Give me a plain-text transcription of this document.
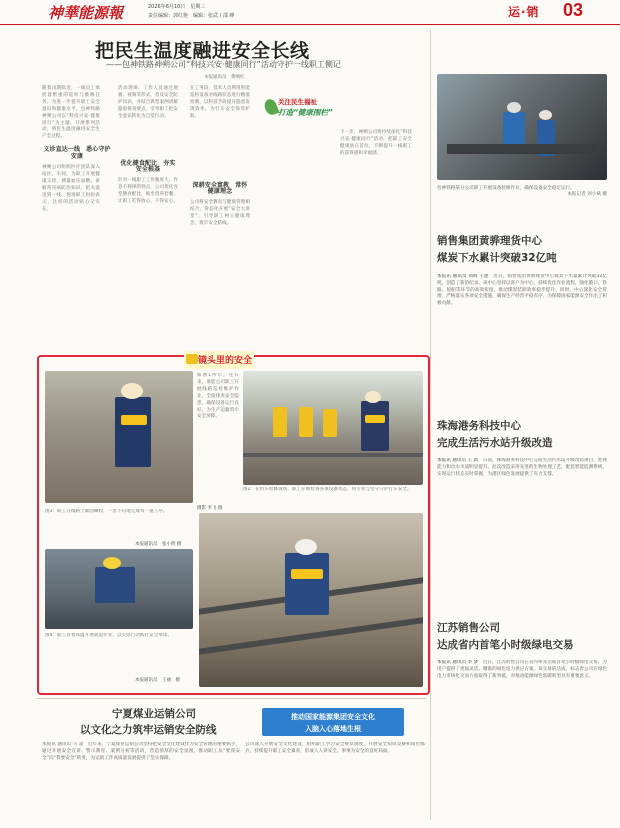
神華能源報	2026年6月10日　星期三
责任编辑：郭红艳　编辑：张武 / 邵 峰	运·销 03
把民生温度融进安全长线
——包神铁路神朔公司“科技兴安·健康同行”活动守护一线职工侧记
本报通讯员　黄响红
随着汛期临近，一线员工承担着繁重的巡检与维修任务。为进一步提升职工安全意识和健康水平，包神铁路神朔公司以“科技兴安·健康同行”为主题，开展系列活动，将民生温度融进安全生产全过程。
义诊直达一线　悉心守护安康
神朔公司组织医疗团队深入站区、车间，为职工开展健康义诊，测量血压血糖、讲解常见病防治知识，把关爱送到一线。现场职工纷纷表示，这样的活动贴心又实在。
活动现场，工作人员通过展板、视频等形式，普及安全防护知识，并结合典型案例讲解隐患排查要点，引导职工把安全意识转化为自觉行动。
优化健食配比　夯实安全根基
针对一线职工工作强度大、作息不规律的特点，公司优化食堂膳食配比，推出营养套餐，让职工吃得放心、干得安心。
在工务段，技术人员利用智能巡检设备对线路状态进行精准检测，以科技手段提升隐患发现效率，为行车安全保驾护航。
深耕安全富教　常怀健康理念
公司将安全教育与健康管理相结合，常态化开展“安全大讲堂”，引导职工树立健康理念，筑牢安全防线。
下一步，神朔公司将持续深化“科技兴安·健康同行”活动，把职工安全健康放在首位，不断提升一线职工的获得感和幸福感。
关注民生福祉
打造“健康围栏”
包神铁路某分公司职工开展设备检修作业，确保设备安全稳定运行。
本报记者 刘小斌 摄
销售集团黄骅理货中心
煤炭下水累计突破32亿吨
本报讯 通讯员 刘海 王建　 近日，销售集团黄骅理货中心煤炭下水量累计突破32亿吨，创造了新的纪录。该中心坚持以客户为中心，持续优化作业流程，强化港口、铁路、船舶等环节的高效衔接，推动煤炭装卸效率稳步提升。同时，中心深化安全管理，严格落实各项安全措施，确保生产经营平稳有序，为保障国家能源安全作出了积极贡献。
珠海港务科技中心
完成生活污水站升级改造
本报讯 通讯员 王 新　 日前，珠海港务科技中心完成生活污水站升级改造项目，处理能力和出水水质明显提升。此次改造采用先进的生物处理工艺，配套智能监测系统，实现运行状态实时掌握，为港区绿色发展提供了有力支撑。
江苏销售公司
达成省内首笔小时级绿电交易
本报讯 通讯员 李 梦　 近日，江苏销售公司在省内率先达成首笔小时级绿电交易，为用户提供了更加灵活、精准的绿色电力供应方案。该交易的达成，标志着公司在绿色电力市场化交易方面取得了新突破，对推动能源绿色低碳转型具有重要意义。
镜头里的安全
如图1所示，连日来，准能公司职工开展线路巡检维护作业，全面排查安全隐患，确保设备运行良好，为生产运输筑牢安全屏障。
摄影 李飞 摄
图2：在机车检修现场，职工仔细检查各项设备状态，用专业与坚守守护行车安全。
图3：职工在线路上紧固螺栓，一丝不苟地完成每一道工序。
本报通讯员　张小明 摄
图4：职工冒着高温开展轨道作业，以实际行动践行安全承诺。
本报通讯员　王丽　摄
宁夏煤业运销公司
以文化之力筑牢运销安全防线
本报讯 通讯员 马 超　近年来，宁夏煤业运销公司坚持把安全文化建设作为安全管理的重要抓手，通过开展安全宣讲、警示教育、案例分析等活动，营造浓厚的安全氛围，推动职工从“要我安全”向“我要安全”转变，为运销工作高质量发展提供了坚实保障。
推动国家能源集团安全文化
入脑入心落地生根
公司深入开展安全文化建设，组织职工学习安全规章制度，开展安全知识竞赛和岗位练兵，持续提升职工安全素养，形成人人讲安全、事事为安全的良好局面。
